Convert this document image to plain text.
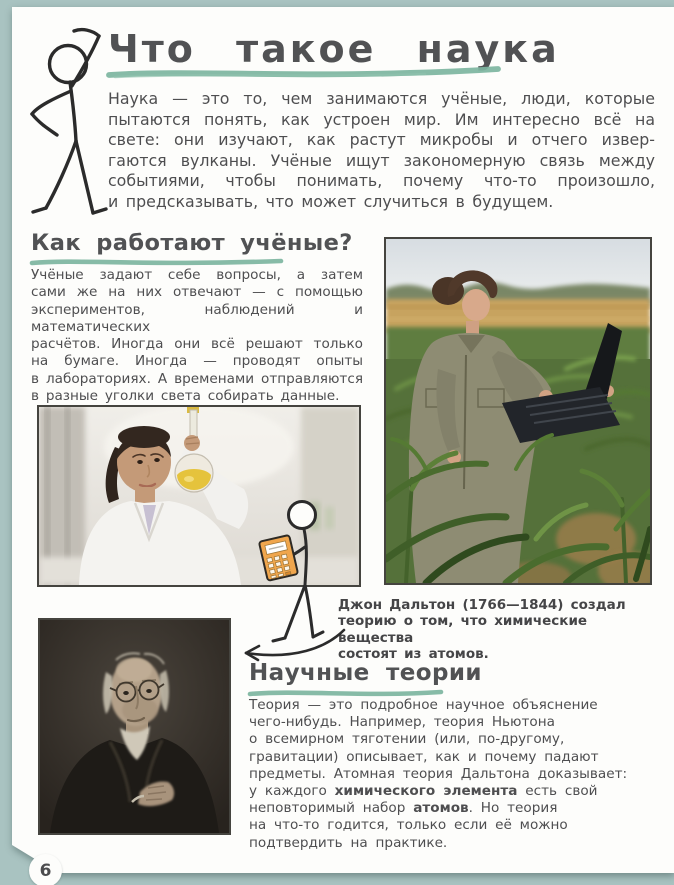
Что такое наука
Наука — это то, чем занимаются учёные, люди, которые
пытаются понять, как устроен мир. Им интересно всё на
свете: они изучают, как растут микробы и отчего извер-
гаются вулканы. Учёные ищут закономерную связь между
событиями, чтобы понимать, почему что-то произошло,
и предсказывать, что может случиться в будущем.
Как работают учёные?
Учёные задают себе вопросы, а затем
сами же на них отвечают — с помощью
экспериментов, наблюдений и математических
расчётов. Иногда они всё решают только
на бумаге. Иногда — проводят опыты
в лабораториях. А временами отправляются
в разные уголки света собирать данные.
Джон Дальтон (1766—1844) создал
теорию о том, что химические вещества
состоят из атомов.
Научные теории
Теория — это подробное научное объяснение
чего-нибудь. Например, теория Ньютона
о всемирном тяготении (или, по-другому,
гравитации) описывает, как и почему падают
предметы. Атомная теория Дальтона доказывает:
у каждого химического элемента есть свой
неповторимый набор атомов. Но теория
на что-то годится, только если её можно
подтвердить на практике.
6
